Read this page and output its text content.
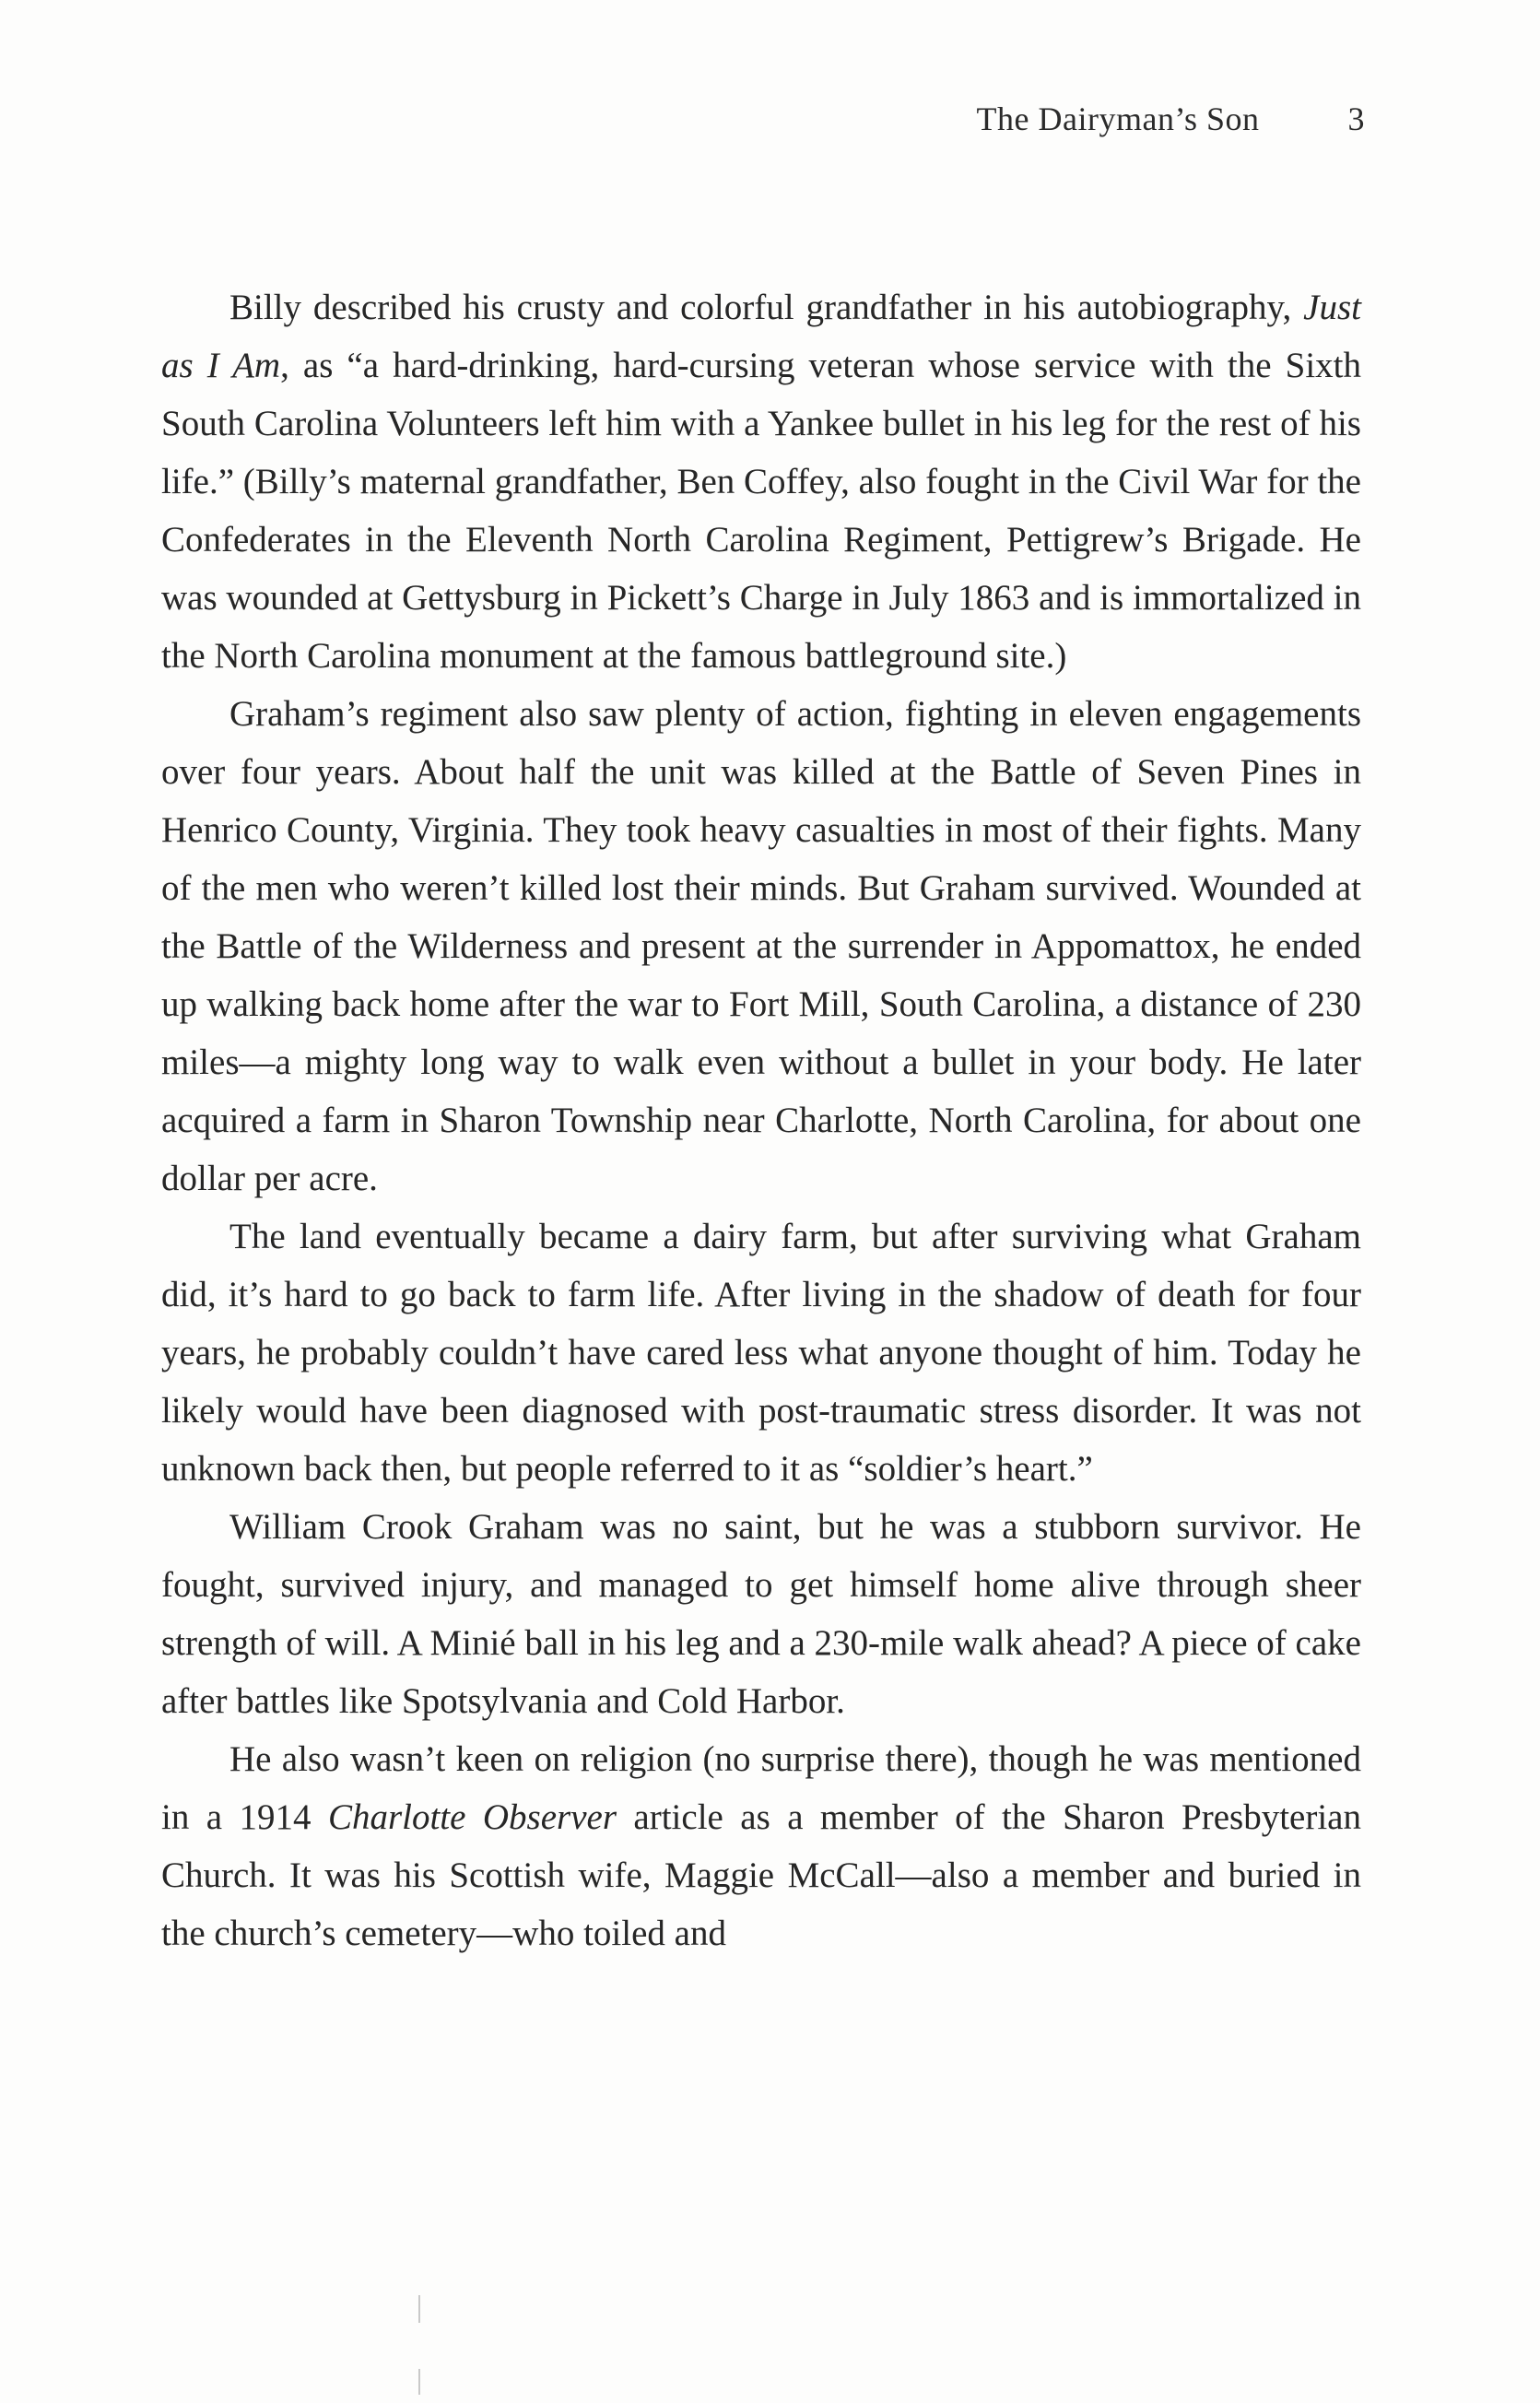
The Dairyman’s Son	3

Billy described his crusty and colorful grandfather in his autobiography, Just as I Am, as “a hard-drinking, hard-cursing veteran whose service with the Sixth South Carolina Volunteers left him with a Yankee bullet in his leg for the rest of his life.” (Billy’s maternal grandfather, Ben Coffey, also fought in the Civil War for the Confederates in the Eleventh North Carolina Regiment, Pettigrew’s Brigade. He was wounded at Gettysburg in Pickett’s Charge in July 1863 and is immortalized in the North Carolina monument at the famous battleground site.)

Graham’s regiment also saw plenty of action, fighting in eleven engagements over four years. About half the unit was killed at the Battle of Seven Pines in Henrico County, Virginia. They took heavy casualties in most of their fights. Many of the men who weren’t killed lost their minds. But Graham survived. Wounded at the Battle of the Wilderness and present at the surrender in Appomattox, he ended up walking back home after the war to Fort Mill, South Carolina, a distance of 230 miles—a mighty long way to walk even without a bullet in your body. He later acquired a farm in Sharon Township near Charlotte, North Carolina, for about one dollar per acre.

The land eventually became a dairy farm, but after surviving what Graham did, it’s hard to go back to farm life. After living in the shadow of death for four years, he probably couldn’t have cared less what anyone thought of him. Today he likely would have been diagnosed with post-traumatic stress disorder. It was not unknown back then, but people referred to it as “soldier’s heart.”

William Crook Graham was no saint, but he was a stubborn survivor. He fought, survived injury, and managed to get himself home alive through sheer strength of will. A Minié ball in his leg and a 230-mile walk ahead? A piece of cake after battles like Spotsylvania and Cold Harbor.

He also wasn’t keen on religion (no surprise there), though he was mentioned in a 1914 Charlotte Observer article as a member of the Sharon Presbyterian Church. It was his Scottish wife, Maggie McCall—also a member and buried in the church’s cemetery—who toiled and
